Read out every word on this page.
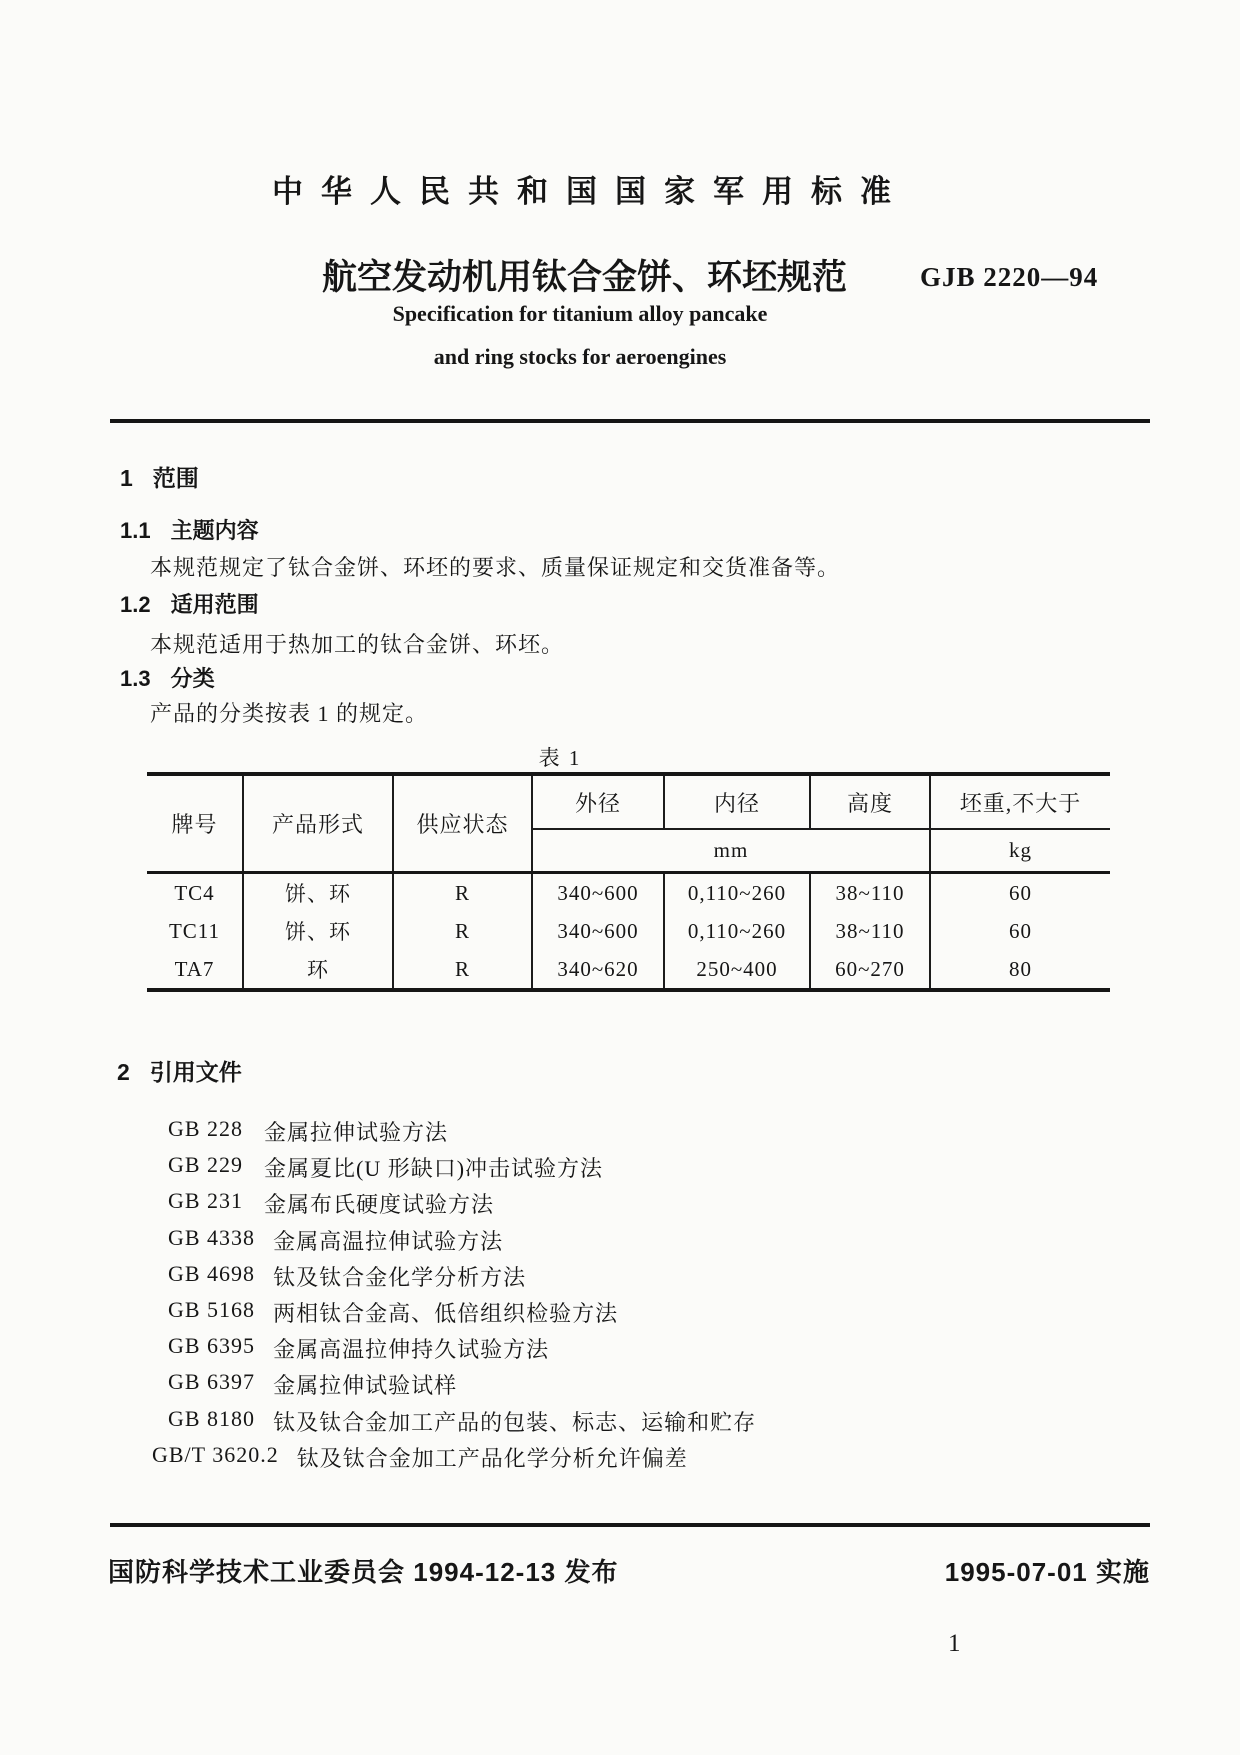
中华人民共和国国家军用标准
航空发动机用钛合金饼、环坯规范	GJB 2220—94
Specification for titanium alloy pancake
and ring stocks for aeroengines
1 范围
1.1 主题内容
本规范规定了钛合金饼、环坯的要求、质量保证规定和交货准备等。
1.2 适用范围
本规范适用于热加工的钛合金饼、环坯。
1.3 分类
产品的分类按表 1 的规定。
表 1
牌号	产品形式	供应状态	外径	内径	高度	坯重,不大于
			mm			kg
TC4	饼、环	R	340~600	0,110~260	38~110	60
TC11	饼、环	R	340~600	0,110~260	38~110	60
TA7	环	R	340~620	250~400	60~270	80
2 引用文件
GB 228 金属拉伸试验方法
GB 229 金属夏比(U 形缺口)冲击试验方法
GB 231 金属布氏硬度试验方法
GB 4338 金属高温拉伸试验方法
GB 4698 钛及钛合金化学分析方法
GB 5168 两相钛合金高、低倍组织检验方法
GB 6395 金属高温拉伸持久试验方法
GB 6397 金属拉伸试验试样
GB 8180 钛及钛合金加工产品的包装、标志、运输和贮存
GB/T 3620.2 钛及钛合金加工产品化学分析允许偏差
国防科学技术工业委员会 1994-12-13 发布	1995-07-01 实施
1
